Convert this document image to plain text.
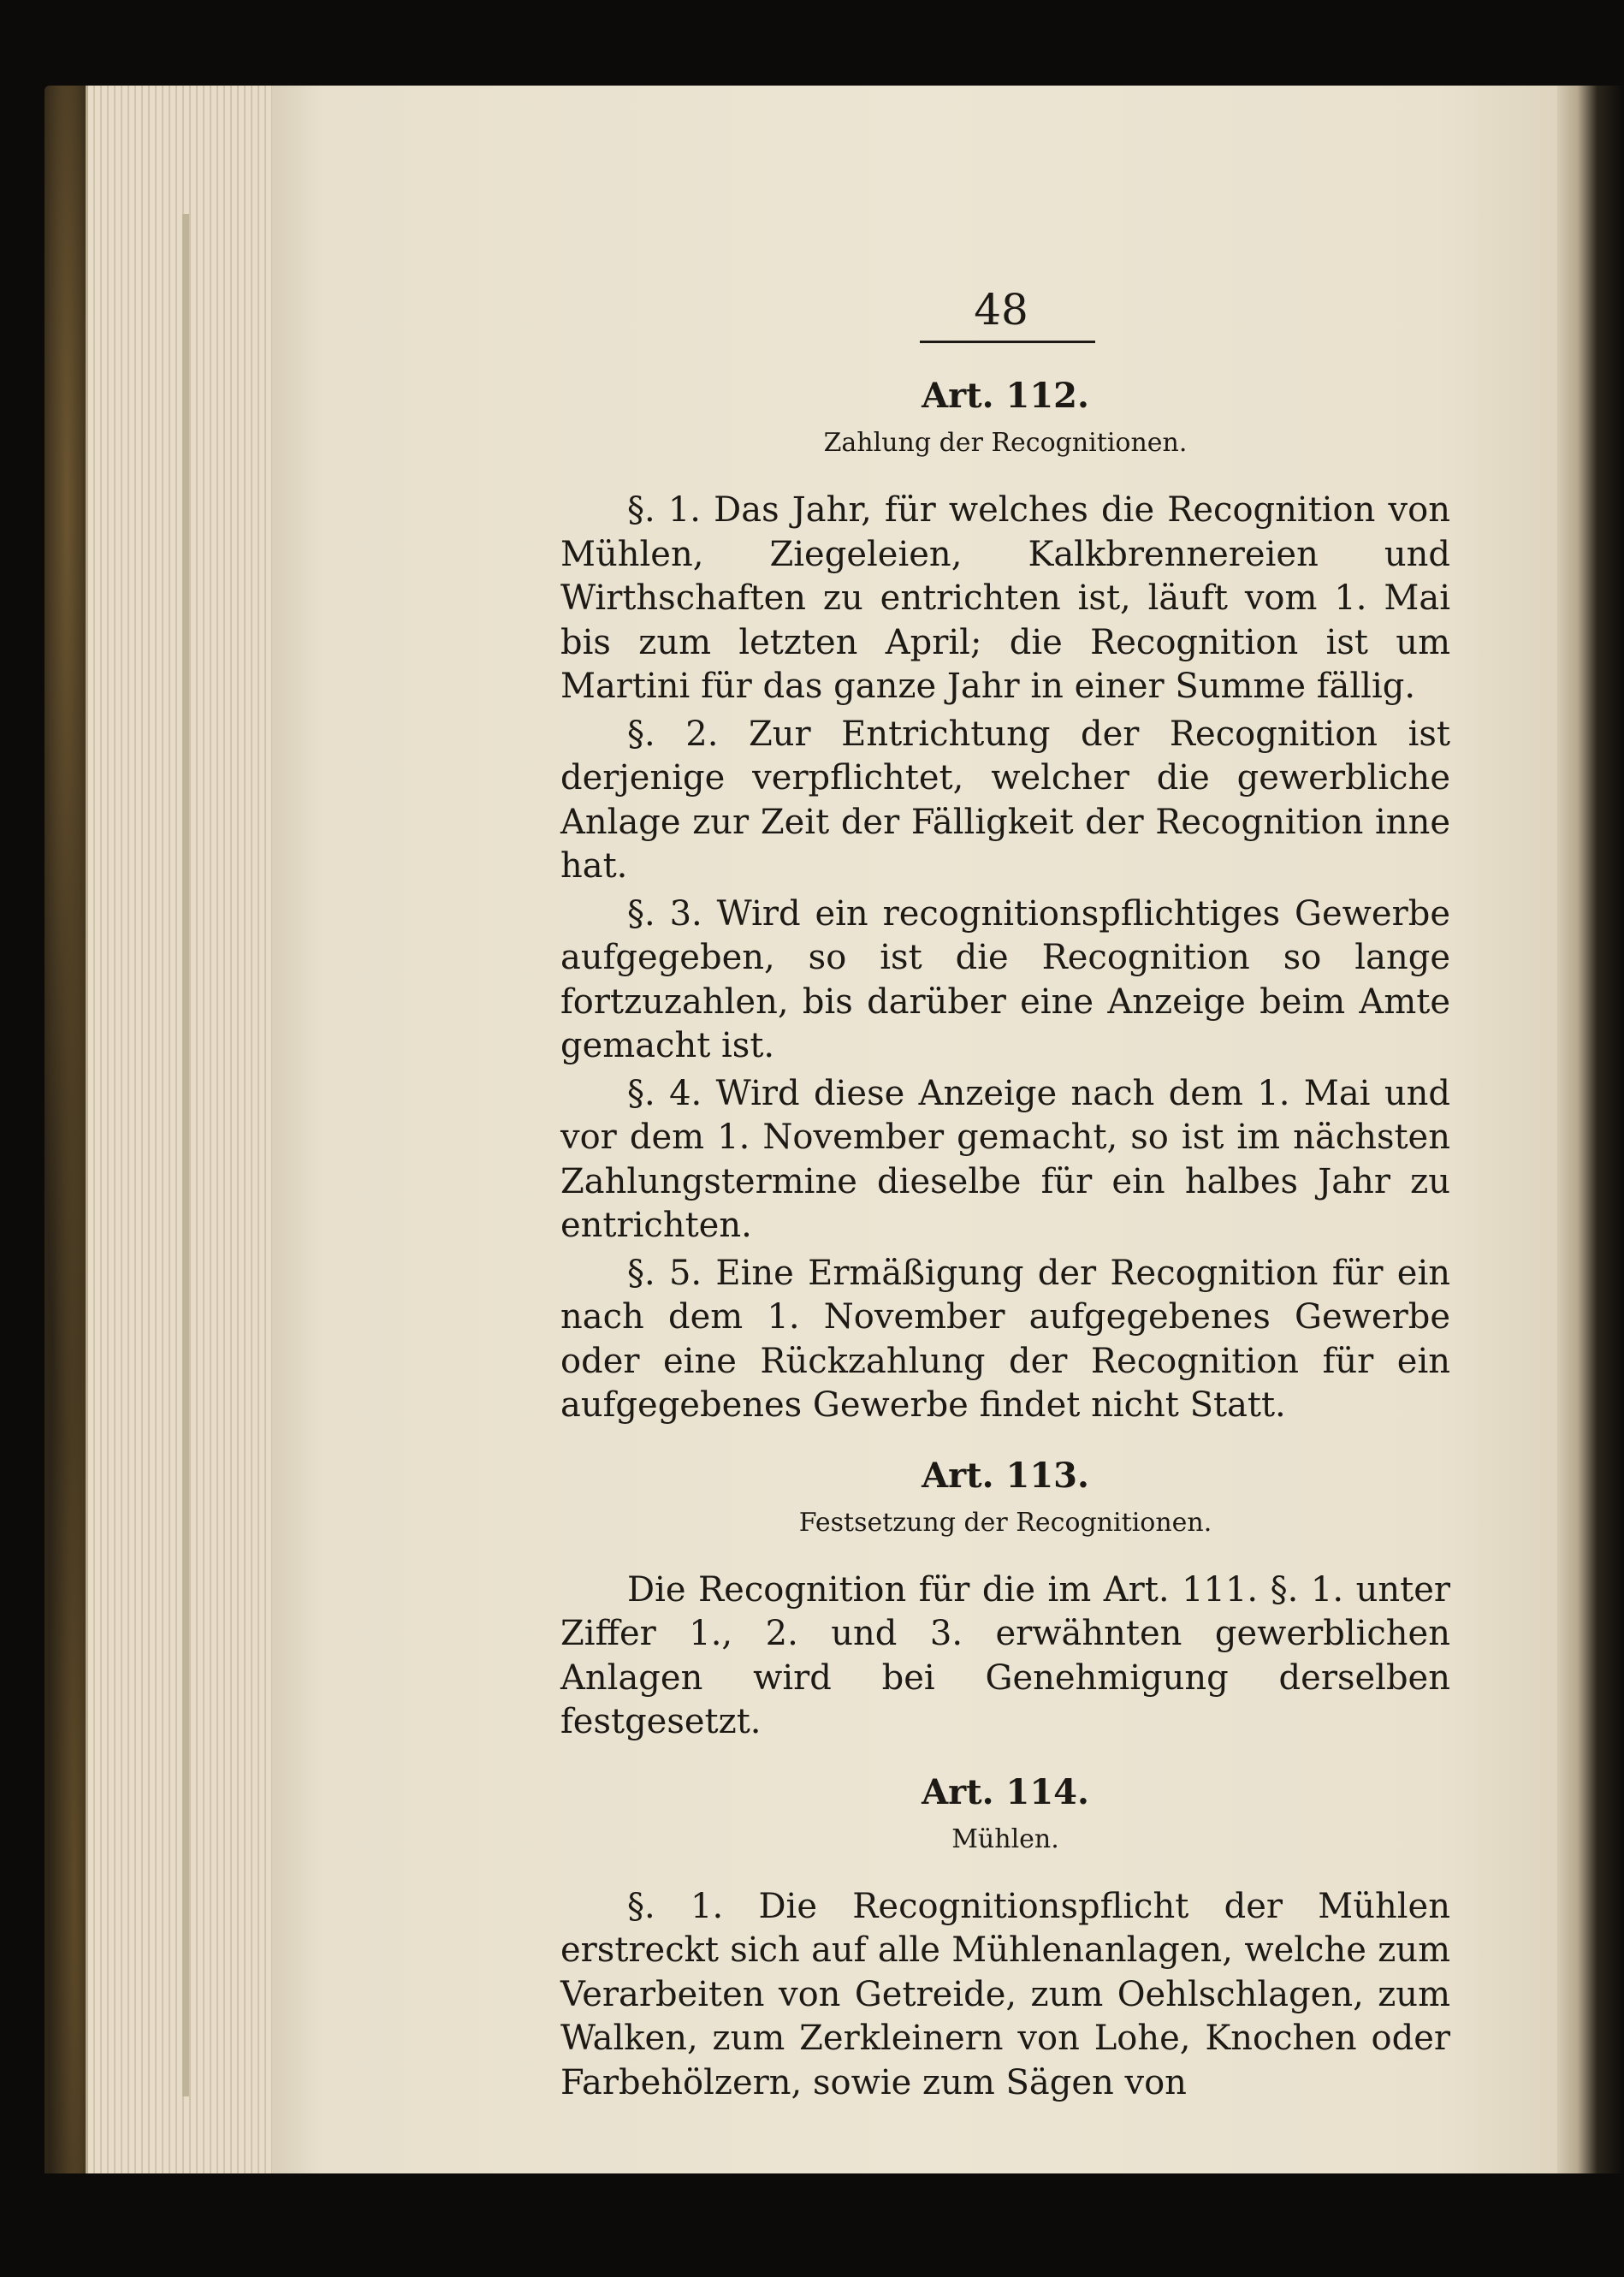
48
Art. 112.
Zahlung der Recognitionen.

§. 1. Das Jahr, für welches die Recognition von Mühlen, Ziegeleien, Kalkbrennereien und Wirthschaften zu entrichten ist, läuft vom 1. Mai bis zum letzten April; die Recognition ist um Martini für das ganze Jahr in einer Summe fällig.

§. 2. Zur Entrichtung der Recognition ist derjenige verpflichtet, welcher die gewerbliche Anlage zur Zeit der Fälligkeit der Recognition inne hat.

§. 3. Wird ein recognitionspflichtiges Gewerbe aufgegeben, so ist die Recognition so lange fortzuzahlen, bis darüber eine Anzeige beim Amte gemacht ist.

§. 4. Wird diese Anzeige nach dem 1. Mai und vor dem 1. November gemacht, so ist im nächsten Zahlungstermine dieselbe für ein halbes Jahr zu entrichten.

§. 5. Eine Ermäßigung der Recognition für ein nach dem 1. November aufgegebenes Gewerbe oder eine Rückzahlung der Recognition für ein aufgegebenes Gewerbe findet nicht Statt.

Art. 113.
Festsetzung der Recognitionen.

Die Recognition für die im Art. 111. §. 1. unter Ziffer 1., 2. und 3. erwähnten gewerblichen Anlagen wird bei Genehmigung derselben festgesetzt.

Art. 114.
Mühlen.

§. 1. Die Recognitionspflicht der Mühlen erstreckt sich auf alle Mühlenanlagen, welche zum Verarbeiten von Getreide, zum Oehlschlagen, zum Walken, zum Zerkleinern von Lohe, Knochen oder Farbehölzern, sowie zum Sägen von
